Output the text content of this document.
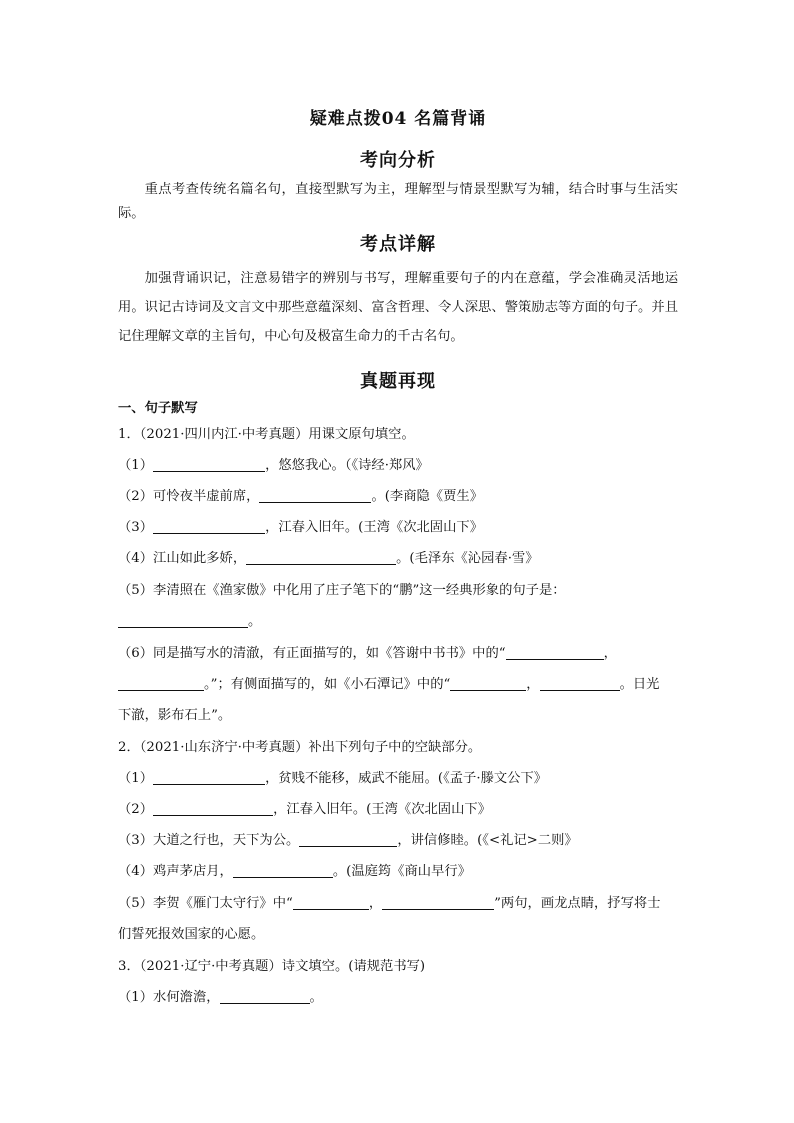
疑难点拨04 名篇背诵
考向分析
重点考查传统名篇名句，直接型默写为主，理解型与情景型默写为辅，结合时事与生活实际。
考点详解
加强背诵识记，注意易错字的辨别与书写，理解重要句子的内在意蕴，学会准确灵活地运用。识记古诗词及文言文中那些意蕴深刻、富含哲理、令人深思、警策励志等方面的句子。并且记住理解文章的主旨句，中心句及极富生命力的千古名句。
真题再现
一、句子默写
1．（2021·四川内江·中考真题）用课文原句填空。
（1）	，悠悠我心。（《诗经·郑风》
（2）可怜夜半虚前席，	。(李商隐《贾生》
（3）	，江春入旧年。(王湾《次北固山下》
（4）江山如此多娇，	。(毛泽东《沁园春·雪》
（5）李清照在《渔家傲》中化用了庄子笔下的“鹏”这一经典形象的句子是：
。
（6）同是描写水的清澈，有正面描写的，如《答谢中书书》中的“	，
。”；有侧面描写的，如《小石潭记》中的“	，	。日光
下澈，影布石上”。
2．（2021·山东济宁·中考真题）补出下列句子中的空缺部分。
（1）	，贫贱不能移，威武不能屈。(《孟子·滕文公下》
（2）	，江春入旧年。(王湾《次北固山下》
（3）大道之行也，天下为公。	，讲信修睦。(《<礼记>二则》
（4）鸡声茅店月，	。(温庭筠《商山早行》
（5）李贺《雁门太守行》中“	，	”两句，画龙点睛，抒写将士
们誓死报效国家的心愿。
3．（2021·辽宁·中考真题）诗文填空。(请规范书写)
（1）水何澹澹，	。
